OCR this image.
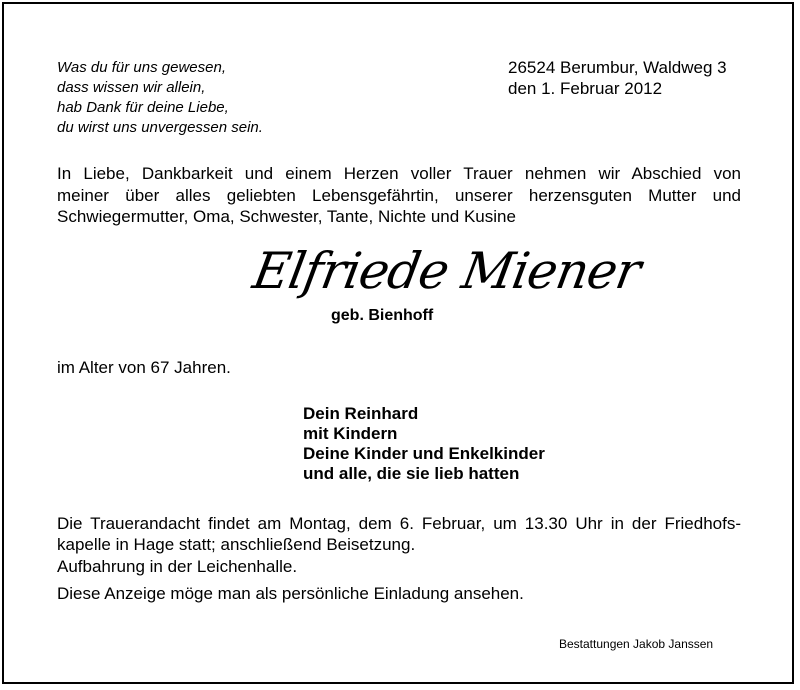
Was du für uns gewesen,
dass wissen wir allein,
hab Dank für deine Liebe,
du wirst uns unvergessen sein.
26524 Berumbur, Waldweg 3
den 1. Februar 2012
In Liebe, Dankbarkeit und einem Herzen voller Trauer nehmen wir Abschied von
meiner über alles geliebten Lebensgefährtin, unserer herzensguten Mutter und
Schwiegermutter, Oma, Schwester, Tante, Nichte und Kusine
Elfriede Miener
geb. Bienhoff
im Alter von 67 Jahren.
Dein Reinhard
mit Kindern
Deine Kinder und Enkelkinder
und alle, die sie lieb hatten
Die Trauerandacht findet am Montag, dem 6. Februar, um 13.30 Uhr in der Friedhofs-
kapelle in Hage statt; anschließend Beisetzung.
Aufbahrung in der Leichenhalle.
Diese Anzeige möge man als persönliche Einladung ansehen.
Bestattungen Jakob Janssen
